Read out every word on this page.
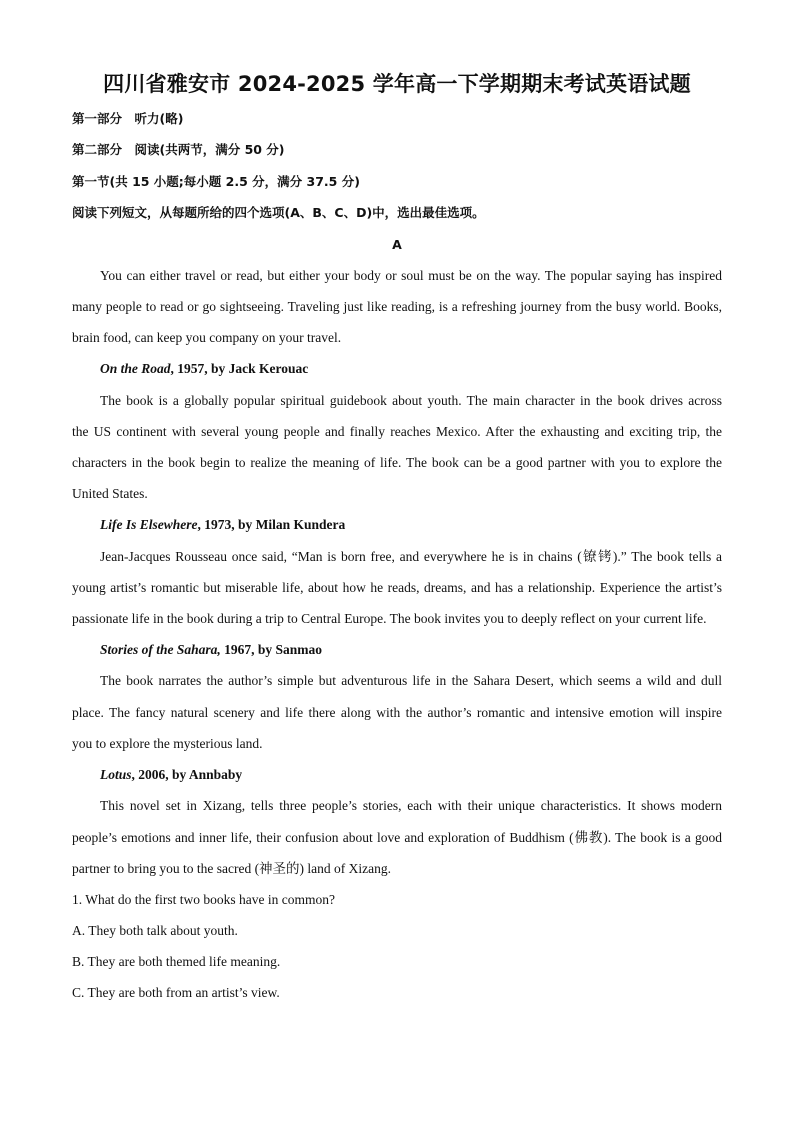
四川省雅安市 2024-2025 学年高一下学期期末考试英语试题
第一部分　听力(略)
第二部分　阅读(共两节，满分 50 分)
第一节(共 15 小题;每小题 2.5 分，满分 37.5 分)
阅读下列短文，从每题所给的四个选项(A、B、C、D)中，选出最佳选项。
A
You can either travel or read, but either your body or soul must be on the way. The popular saying has inspired
many people to read or go sightseeing. Traveling just like reading, is a refreshing journey from the busy world. Books,
brain food, can keep you company on your travel.
On the Road, 1957, by Jack Kerouac
The book is a globally popular spiritual guidebook about youth. The main character in the book drives across
the US continent with several young people and finally reaches Mexico. After the exhausting and exciting trip, the
characters in the book begin to realize the meaning of life. The book can be a good partner with you to explore the
United States.
Life Is Elsewhere, 1973, by Milan Kundera
Jean-Jacques Rousseau once said, “Man is born free, and everywhere he is in chains (镣铐).” The book tells a
young artist’s romantic but miserable life, about how he reads, dreams, and has a relationship. Experience the artist’s
passionate life in the book during a trip to Central Europe. The book invites you to deeply reflect on your current life.
Stories of the Sahara, 1967, by Sanmao
The book narrates the author’s simple but adventurous life in the Sahara Desert, which seems a wild and dull
place. The fancy natural scenery and life there along with the author’s romantic and intensive emotion will inspire
you to explore the mysterious land.
Lotus, 2006, by Annbaby
This novel set in Xizang, tells three people’s stories, each with their unique characteristics. It shows modern
people’s emotions and inner life, their confusion about love and exploration of Buddhism (佛教). The book is a good
partner to bring you to the sacred (神圣的) land of Xizang.
1. What do the first two books have in common?
A. They both talk about youth.
B. They are both themed life meaning.
C. They are both from an artist’s view.
